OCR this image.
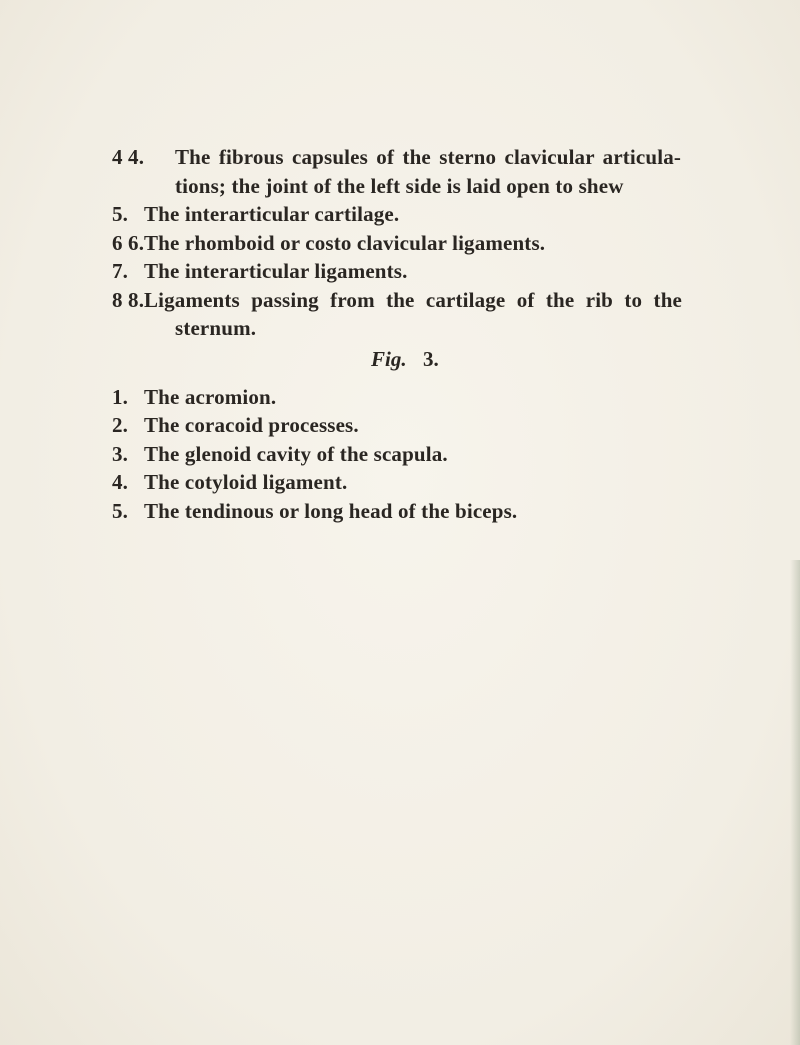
4 4. The fibrous capsules of the sterno clavicular articula-
tions; the joint of the left side is laid open to shew
5. The interarticular cartilage.
6 6. The rhomboid or costo clavicular ligaments.
7. The interarticular ligaments.
8 8. Ligaments passing from the cartilage of the rib to the
sternum.
Fig. 3.
1. The acromion.
2. The coracoid processes.
3. The glenoid cavity of the scapula.
4. The cotyloid ligament.
5. The tendinous or long head of the biceps.
